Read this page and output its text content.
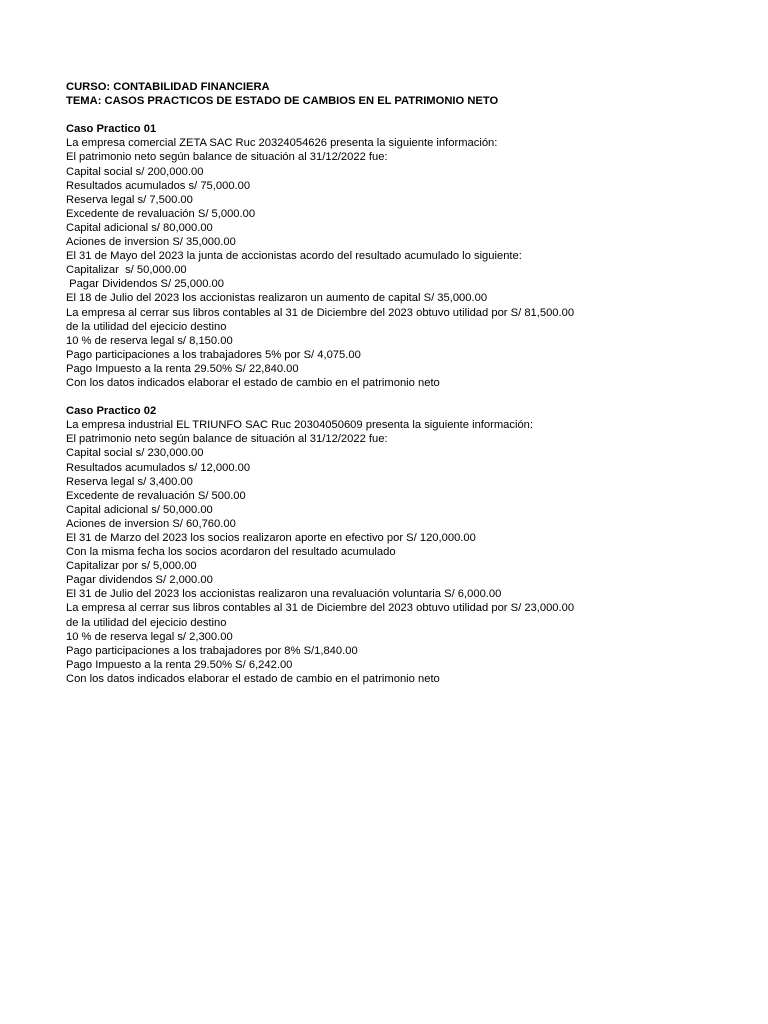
CURSO: CONTABILIDAD FINANCIERA
TEMA: CASOS PRACTICOS DE ESTADO DE CAMBIOS EN EL PATRIMONIO NETO
Caso Practico 01
La empresa comercial ZETA SAC Ruc 20324054626 presenta la siguiente información:
El patrimonio neto según balance de situación al 31/12/2022 fue:
Capital social s/ 200,000.00
Resultados acumulados s/ 75,000.00
Reserva legal s/ 7,500.00
Excedente de revaluación S/ 5,000.00
Capital adicional s/ 80,000.00
Aciones de inversion S/ 35,000.00
El 31 de Mayo del 2023 la junta de accionistas acordo del resultado acumulado lo siguiente:
Capitalizar  s/ 50,000.00
Pagar Dividendos S/ 25,000.00
El 18 de Julio del 2023 los accionistas realizaron un aumento de capital S/ 35,000.00
La empresa al cerrar sus libros contables al 31 de Diciembre del 2023 obtuvo utilidad por S/ 81,500.00
de la utilidad del ejecicio destino
10 % de reserva legal s/ 8,150.00
Pago participaciones a los trabajadores 5% por S/ 4,075.00
Pago Impuesto a la renta 29.50% S/ 22,840.00
Con los datos indicados elaborar el estado de cambio en el patrimonio neto
Caso Practico 02
La empresa industrial EL TRIUNFO SAC Ruc 20304050609 presenta la siguiente información:
El patrimonio neto según balance de situación al 31/12/2022 fue:
Capital social s/ 230,000.00
Resultados acumulados s/ 12,000.00
Reserva legal s/ 3,400.00
Excedente de revaluación S/ 500.00
Capital adicional s/ 50,000.00
Aciones de inversion S/ 60,760.00
El 31 de Marzo del 2023 los socios realizaron aporte en efectivo por S/ 120,000.00
Con la misma fecha los socios acordaron del resultado acumulado
Capitalizar por s/ 5,000.00
Pagar dividendos S/ 2,000.00
El 31 de Julio del 2023 los accionistas realizaron una revaluación voluntaria S/ 6,000.00
La empresa al cerrar sus libros contables al 31 de Diciembre del 2023 obtuvo utilidad por S/ 23,000.00
de la utilidad del ejecicio destino
10 % de reserva legal s/ 2,300.00
Pago participaciones a los trabajadores por 8% S/1,840.00
Pago Impuesto a la renta 29.50% S/ 6,242.00
Con los datos indicados elaborar el estado de cambio en el patrimonio neto
